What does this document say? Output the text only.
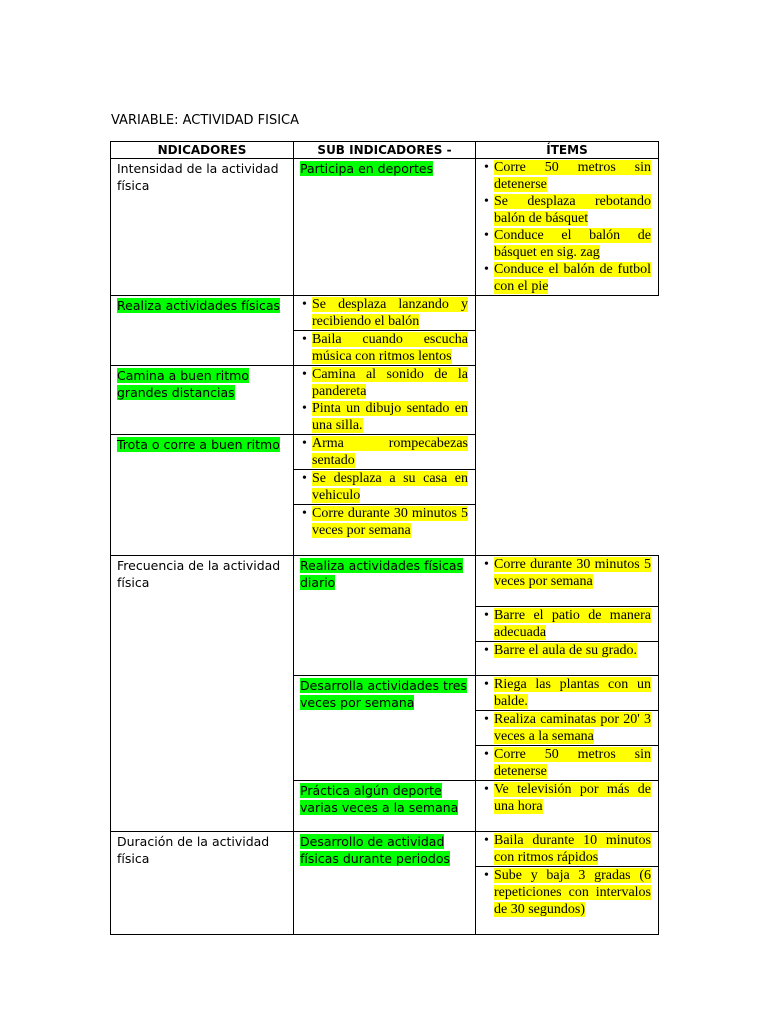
VARIABLE: ACTIVIDAD FISICA
NDICADORES	SUB INDICADORES -	ÍTEMS
Intensidad de la actividad física	Participa en deportes	• Corre 50 metros sin detenerse

		• Se desplaza rebotando balón de básquet

		• Conduce el balón de básquet en sig. zag

		• Conduce el balón de futbol con el pie

Realiza actividades físicas	• Se desplaza lanzando y recibiendo el balón	

	• Baila cuando escucha música con ritmos lentos	

Camina a buen ritmo grandes distancias	• Camina al sonido de la pandereta	

	• Pinta un dibujo sentado en una silla.	

Trota o corre a buen ritmo	• Arma rompecabezas sentado	

	• Se desplaza a su casa en vehiculo	

	• Corre durante 30 minutos 5 veces por semana	

Frecuencia de la actividad física	Realiza actividades físicas diario	• Corre durante 30 minutos 5 veces por semana

		• Barre el patio de manera adecuada

		• Barre el aula de su grado.

	Desarrolla actividades tres veces por semana	• Riega las plantas con un balde.

		• Realiza caminatas por 20' 3 veces a la semana

		• Corre 50 metros sin detenerse

	Práctica algún deporte varias veces a la semana	• Ve televisión por más de una hora

Duración de la actividad física	Desarrollo de actividad físicas durante periodos	• Baila durante 10 minutos con ritmos rápidos

		• Sube y baja 3 gradas (6 repeticiones con intervalos de 30 segundos)
